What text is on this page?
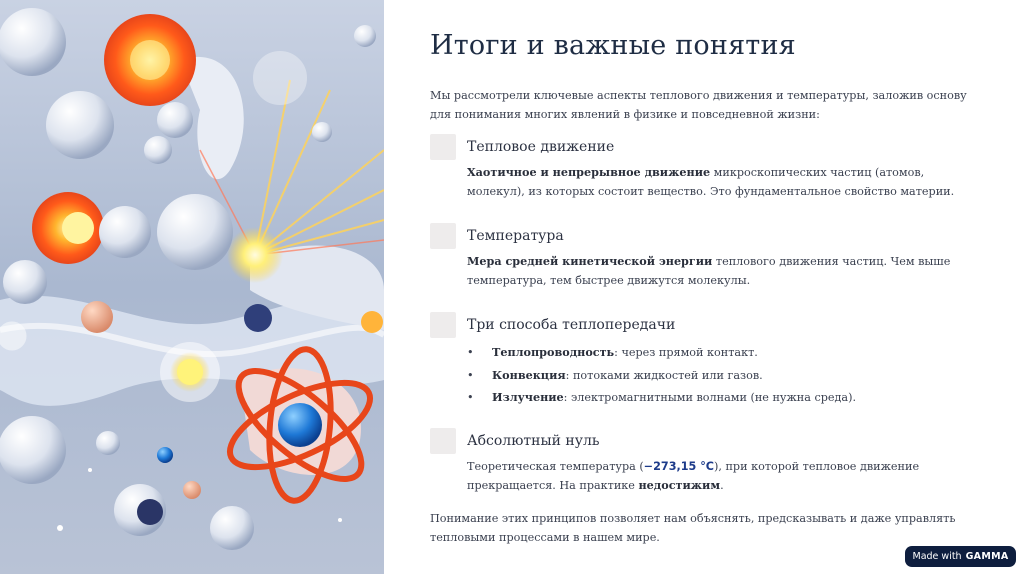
Итоги и важные понятия
Мы рассмотрели ключевые аспекты теплового движения и температуры, заложив основу для понимания многих явлений в физике и повседневной жизни:
Тепловое движение
Хаотичное и непрерывное движение микроскопических частиц (атомов, молекул), из которых состоит вещество. Это фундаментальное свойство материи.
Температура
Мера средней кинетической энергии теплового движения частиц. Чем выше температура, тем быстрее движутся молекулы.
Три способа теплопередачи
• Теплопроводность: через прямой контакт.
• Конвекция: потоками жидкостей или газов.
• Излучение: электромагнитными волнами (не нужна среда).
Абсолютный нуль
Теоретическая температура (−273,15 °C), при которой тепловое движение прекращается. На практике недостижим.
Понимание этих принципов позволяет нам объяснять, предсказывать и даже управлять тепловыми процессами в нашем мире.
Made with GAMMA
